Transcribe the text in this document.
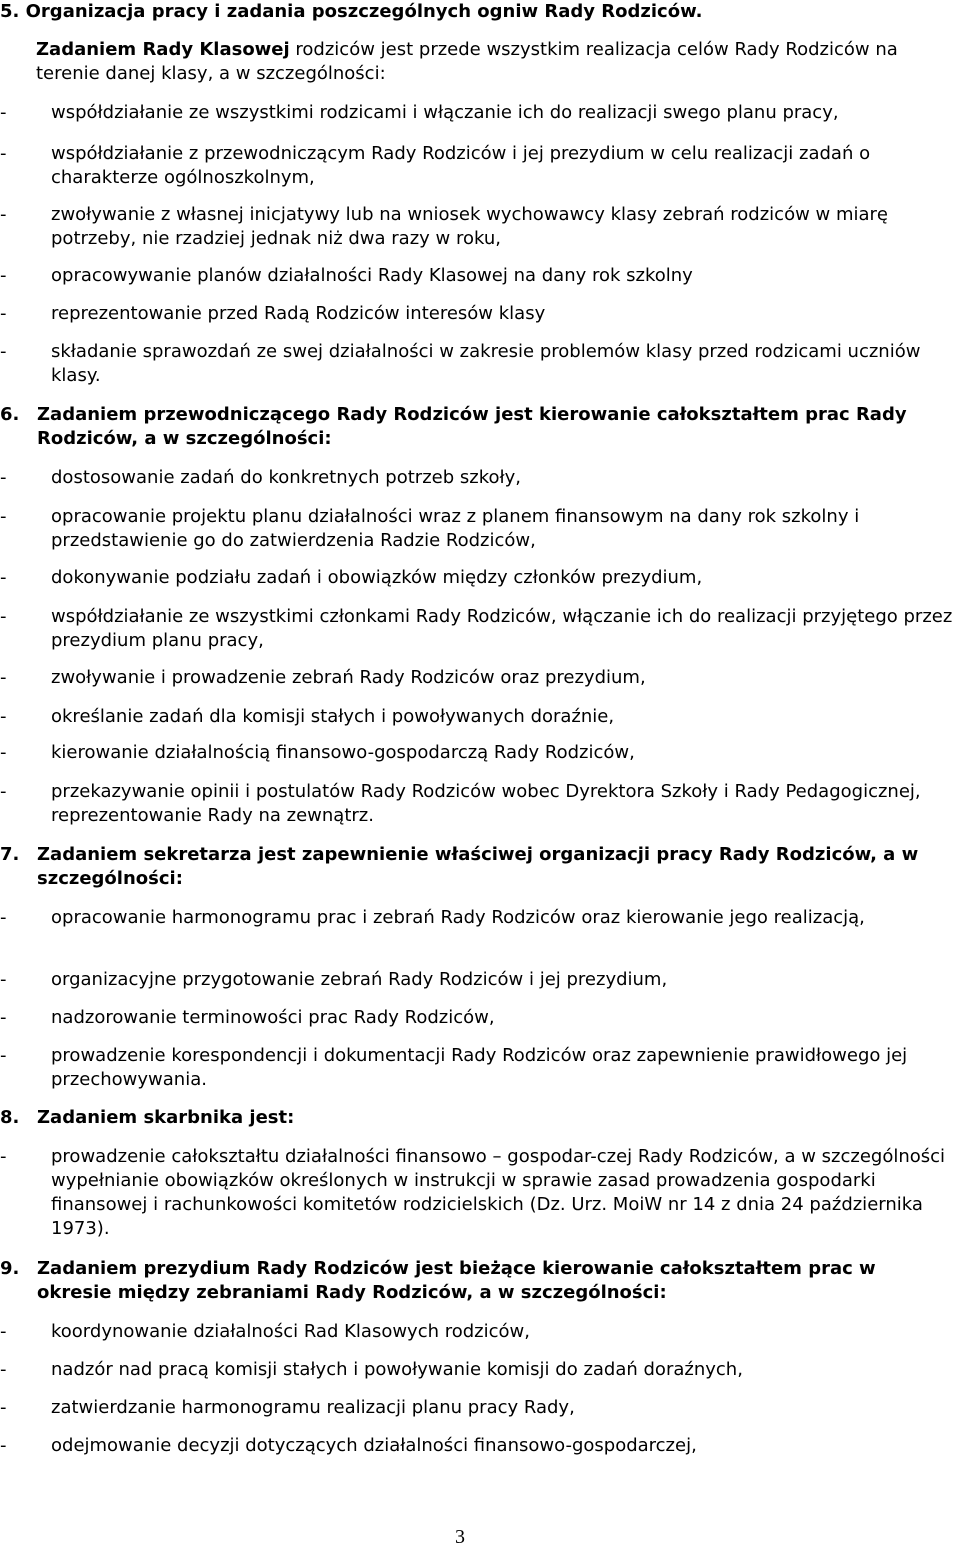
5. Organizacja pracy i zadania poszczególnych ogniw Rady Rodziców.
Zadaniem Rady Klasowej rodziców jest przede wszystkim realizacja celów Rady Rodziców na terenie danej klasy, a w szczególności:
-	współdziałanie ze wszystkimi rodzicami i włączanie ich do realizacji swego planu pracy,
-	współdziałanie z przewodniczącym Rady Rodziców i jej prezydium w celu realizacji zadań o charakterze ogólnoszkolnym,
-	zwoływanie z własnej inicjatywy lub na wniosek wychowawcy klasy zebrań rodziców w miarę potrzeby, nie rzadziej jednak niż dwa razy w roku,
-	opracowywanie planów działalności Rady Klasowej na dany rok szkolny
-	reprezentowanie przed Radą Rodziców interesów klasy
-	składanie sprawozdań ze swej działalności w zakresie problemów klasy przed rodzicami uczniów klasy.
6. Zadaniem przewodniczącego Rady Rodziców jest kierowanie całokształtem prac Rady Rodziców, a w szczególności:
-	dostosowanie zadań do konkretnych potrzeb szkoły,
-	opracowanie projektu planu działalności wraz z planem finansowym na dany rok szkolny i przedstawienie go do zatwierdzenia Radzie Rodziców,
-	dokonywanie podziału zadań i obowiązków między członków prezydium,
-	współdziałanie ze wszystkimi członkami Rady Rodziców, włączanie ich do realizacji przyjętego przez prezydium planu pracy,
-	zwoływanie i prowadzenie zebrań Rady Rodziców oraz prezydium,
-	określanie zadań dla komisji stałych i powoływanych doraźnie,
-	kierowanie działalnością finansowo-gospodarczą Rady Rodziców,
-	przekazywanie opinii i postulatów Rady Rodziców wobec Dyrektora Szkoły i Rady Pedagogicznej, reprezentowanie Rady na zewnątrz.
7. Zadaniem sekretarza jest zapewnienie właściwej organizacji pracy Rady Rodziców, a w szczególności:
-	opracowanie harmonogramu prac i zebrań Rady Rodziców oraz kierowanie jego realizacją,
-	organizacyjne przygotowanie zebrań Rady Rodziców i jej prezydium,
-	nadzorowanie terminowości prac Rady Rodziców,
-	prowadzenie korespondencji i dokumentacji Rady Rodziców oraz zapewnienie prawidłowego jej przechowywania.
8. Zadaniem skarbnika jest:
-	prowadzenie całokształtu działalności finansowo – gospodar-czej Rady Rodziców, a w szczególności wypełnianie obowiązków określonych w instrukcji w sprawie zasad prowadzenia gospodarki finansowej i rachunkowości komitetów rodzicielskich (Dz. Urz. MoiW nr 14 z dnia 24 października 1973).
9. Zadaniem prezydium Rady Rodziców jest bieżące kierowanie całokształtem prac w okresie między zebraniami Rady Rodziców, a w szczególności:
-	koordynowanie działalności Rad Klasowych rodziców,
-	nadzór nad pracą komisji stałych i powoływanie komisji do zadań doraźnych,
-	zatwierdzanie harmonogramu realizacji planu pracy Rady,
-	odejmowanie decyzji dotyczących działalności finansowo-gospodarczej,
3
